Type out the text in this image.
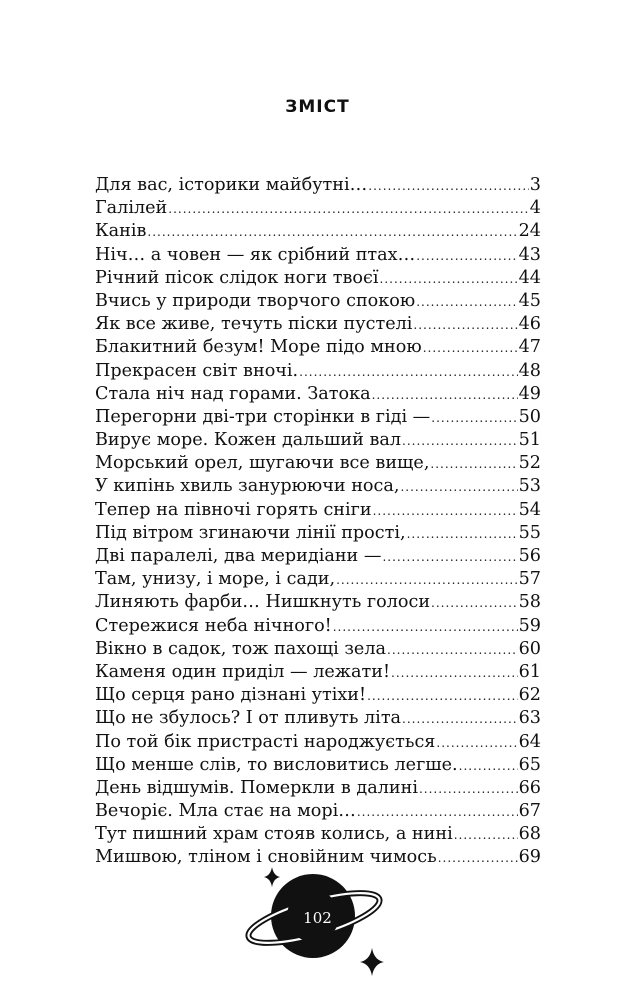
ЗМІСТ
Для вас, історики майбутні… .....	3
Галілей .....	4
Канів .....	24
Ніч… а човен — як срібний птах… .....	43
Річний пісок слідок ноги твоєї .....	44
Вчись у природи творчого спокою .....	45
Як все живе, течуть піски пустелі .....	46
Блакитний безум! Море підо мною .....	47
Прекрасен світ вночі. .....	48
Стала ніч над горами. Затока .....	49
Перегорни дві-три сторінки в гіді — .....	50
Вирує море. Кожен дальший вал .....	51
Морський орел, шугаючи все вище, .....	52
У кипінь хвиль занурюючи носа, .....	53
Тепер на півночі горять сніги .....	54
Під вітром згинаючи лінії прості, .....	55
Дві паралелі, два меридіани — .....	56
Там, унизу, і море, і сади, .....	57
Линяють фарби… Нишкнуть голоси .....	58
Стережися неба нічного! .....	59
Вікно в садок, тож пахощі зела .....	60
Каменя один приділ — лежати! .....	61
Що серця рано дізнані утіхи! .....	62
Що не збулось? І от пливуть літа .....	63
По той бік пристрасті народжується .....	64
Що менше слів, то висловитись легше. .....	65
День відшумів. Померкли в далині .....	66
Вечоріє. Мла стає на морі… .....	67
Тут пишний храм стояв колись, а нині .....	68
Мишвою, тліном і сновійним чимось .....	69
102
